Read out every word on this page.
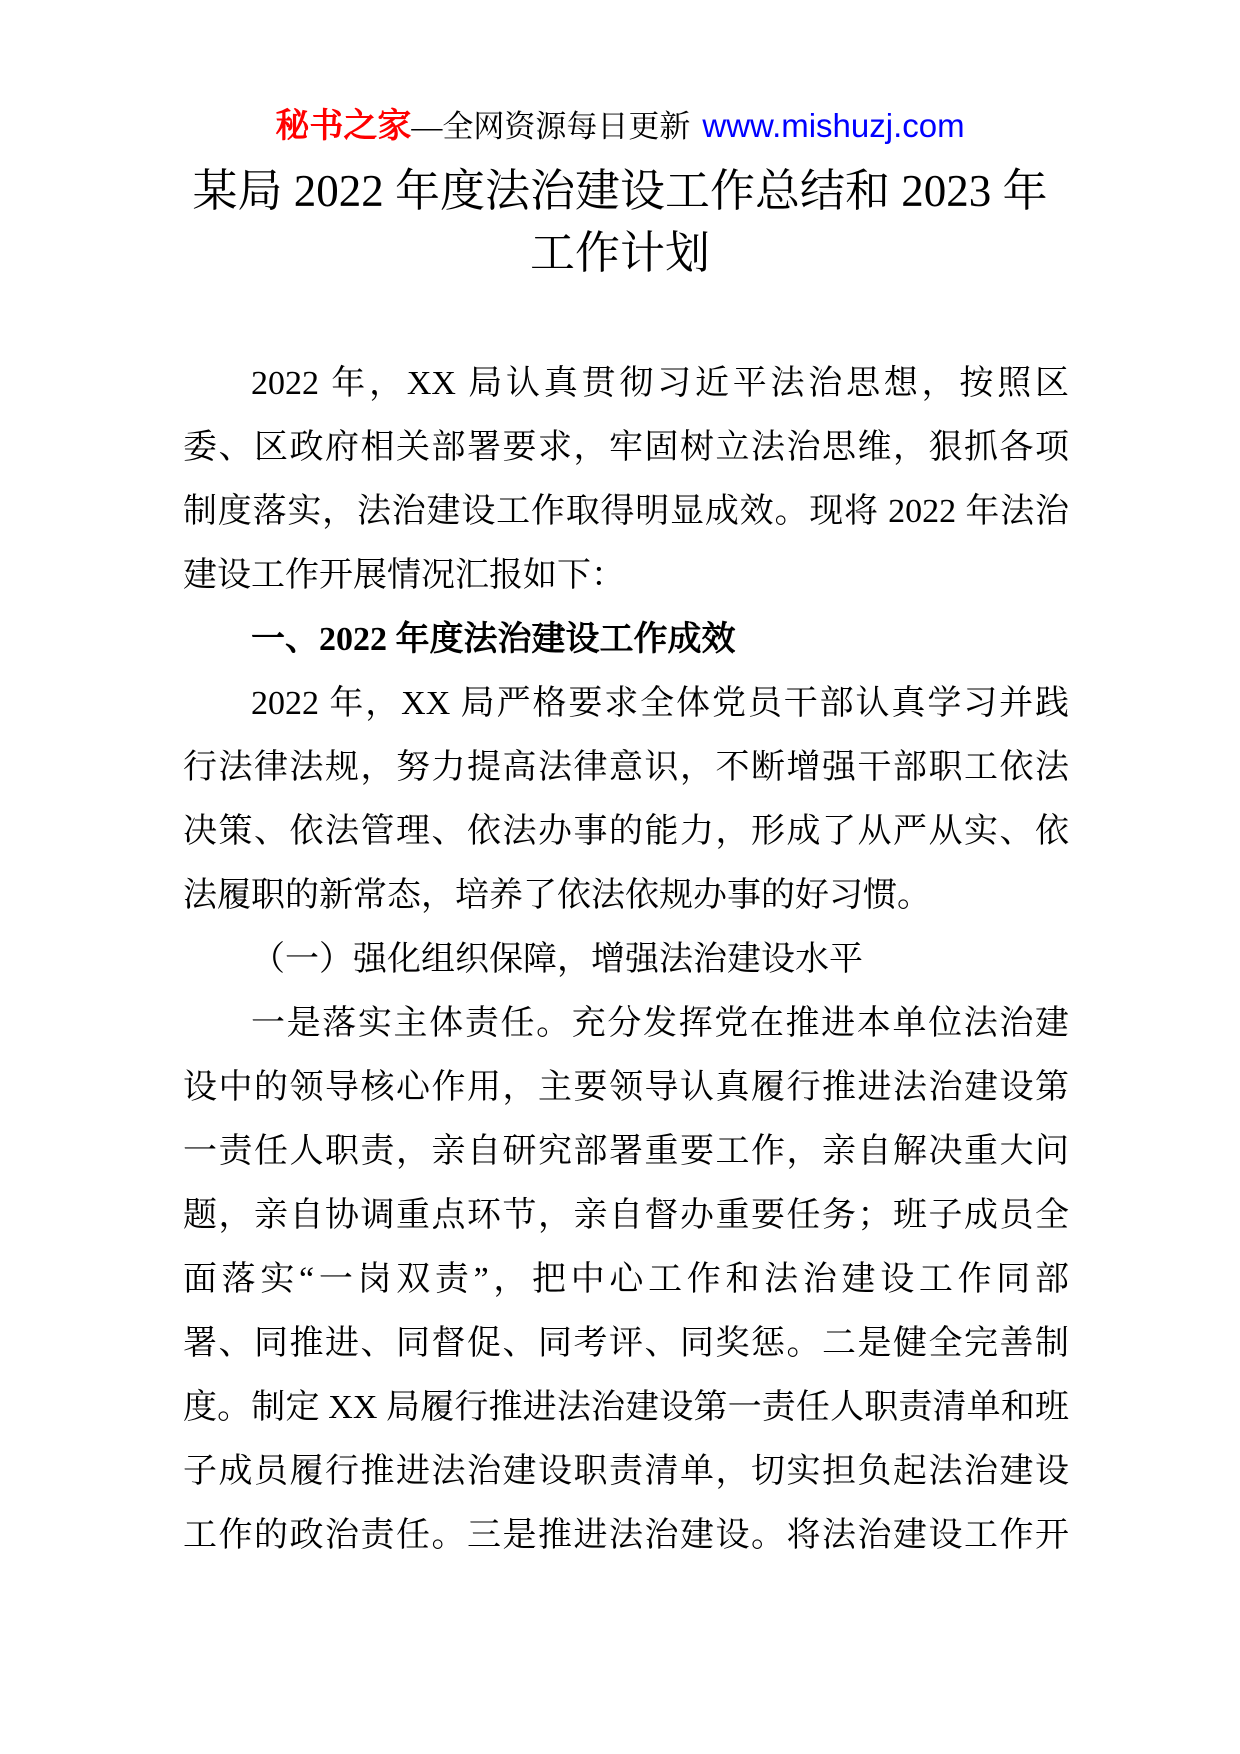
秘书之家—全网资源每日更新 www.mishuzj.com
某局 2022 年度法治建设工作总结和 2023 年
工作计划
2022 年，XX 局认真贯彻习近平法治思想，按照区
委、区政府相关部署要求，牢固树立法治思维，狠抓各项
制度落实，法治建设工作取得明显成效。现将 2022 年法治
建设工作开展情况汇报如下：
一、2022 年度法治建设工作成效
2022 年，XX 局严格要求全体党员干部认真学习并践
行法律法规，努力提高法律意识，不断增强干部职工依法
决策、依法管理、依法办事的能力，形成了从严从实、依
法履职的新常态，培养了依法依规办事的好习惯。
（一）强化组织保障，增强法治建设水平
一是落实主体责任。充分发挥党在推进本单位法治建
设中的领导核心作用，主要领导认真履行推进法治建设第
一责任人职责，亲自研究部署重要工作，亲自解决重大问
题，亲自协调重点环节，亲自督办重要任务；班子成员全
面落实“一岗双责”，把中心工作和法治建设工作同部
署、同推进、同督促、同考评、同奖惩。二是健全完善制
度。制定 XX 局履行推进法治建设第一责任人职责清单和班
子成员履行推进法治建设职责清单，切实担负起法治建设
工作的政治责任。三是推进法治建设。将法治建设工作开
